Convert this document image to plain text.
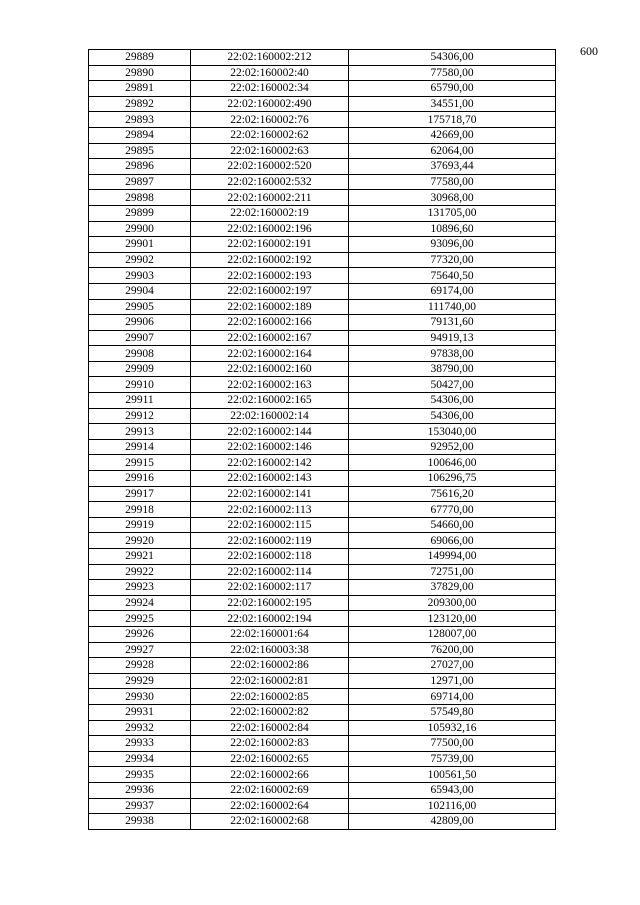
600
29889	22:02:160002:212	54306,00
29890	22:02:160002:40	77580,00
29891	22:02:160002:34	65790,00
29892	22:02:160002:490	34551,00
29893	22:02:160002:76	175718,70
29894	22:02:160002:62	42669,00
29895	22:02:160002:63	62064,00
29896	22:02:160002:520	37693,44
29897	22:02:160002:532	77580,00
29898	22:02:160002:211	30968,00
29899	22:02:160002:19	131705,00
29900	22:02:160002:196	10896,60
29901	22:02:160002:191	93096,00
29902	22:02:160002:192	77320,00
29903	22:02:160002:193	75640,50
29904	22:02:160002:197	69174,00
29905	22:02:160002:189	111740,00
29906	22:02:160002:166	79131,60
29907	22:02:160002:167	94919,13
29908	22:02:160002:164	97838,00
29909	22:02:160002:160	38790,00
29910	22:02:160002:163	50427,00
29911	22:02:160002:165	54306,00
29912	22:02:160002:14	54306,00
29913	22:02:160002:144	153040,00
29914	22:02:160002:146	92952,00
29915	22:02:160002:142	100646,00
29916	22:02:160002:143	106296,75
29917	22:02:160002:141	75616,20
29918	22:02:160002:113	67770,00
29919	22:02:160002:115	54660,00
29920	22:02:160002:119	69066,00
29921	22:02:160002:118	149994,00
29922	22:02:160002:114	72751,00
29923	22:02:160002:117	37829,00
29924	22:02:160002:195	209300,00
29925	22:02:160002:194	123120,00
29926	22:02:160001:64	128007,00
29927	22:02:160003:38	76200,00
29928	22:02:160002:86	27027,00
29929	22:02:160002:81	12971,00
29930	22:02:160002:85	69714,00
29931	22:02:160002:82	57549,80
29932	22:02:160002:84	105932,16
29933	22:02:160002:83	77500,00
29934	22:02:160002:65	75739,00
29935	22:02:160002:66	100561,50
29936	22:02:160002:69	65943,00
29937	22:02:160002:64	102116,00
29938	22:02:160002:68	42809,00
